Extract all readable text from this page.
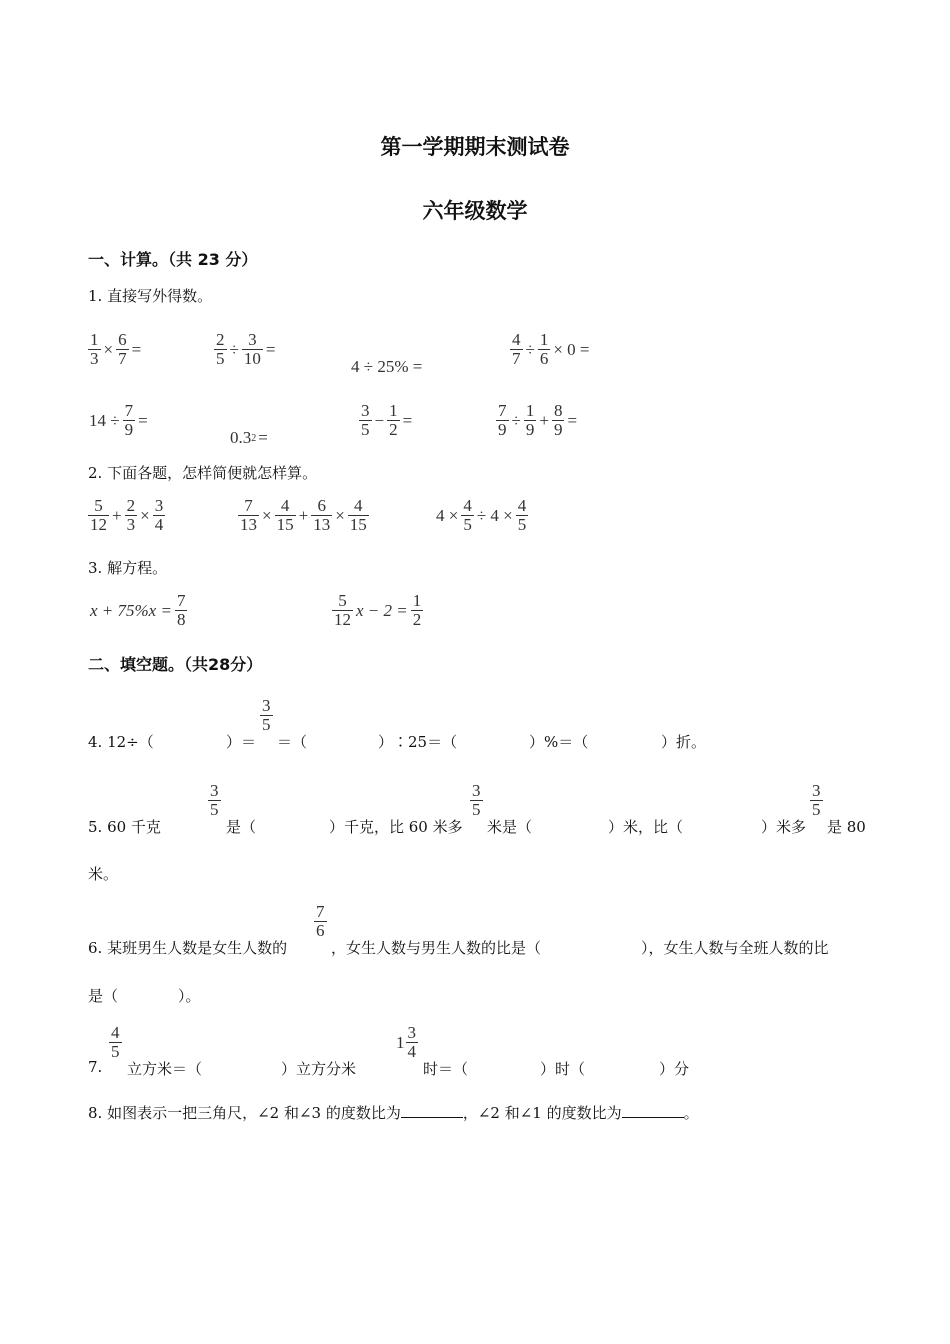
第一学期期末测试卷
六年级数学
一、计算。（共 23 分）
1. 直接写外得数。
$\frac{1}{3} \times \frac{6}{7}$ =	$\frac{2}{5} \div \frac{3}{10}$ =
4 ÷ 25% =	$\frac{4}{7} \div \frac{1}{6} \times 0$ =
$14 \div \frac{7}{9}$ =
0.3 2 =	$\frac{3}{5} - \frac{1}{2}$ =	$\frac{7}{9} \div \frac{1}{9} + \frac{8}{9}$ =
2. 下面各题，怎样简便就怎样算。
$\frac{5}{12} + \frac{2}{3} \times \frac{3}{4}$	$\frac{7}{13} \times \frac{4}{15} + \frac{6}{13} \times \frac{4}{15}$	$4 \times \frac{4}{5} \div 4 \times \frac{4}{5}$
3. 解方程。
$x + 75\%x = \frac{7}{8}$	$\frac{5}{12}$ $x - 2 = \frac{1}{2}$
二、填空题。（共28分）
4. 12÷（	）＝
$\frac{3}{5}$
＝（	）∶25＝（	）%＝（	）折。
5. 60 千克
$\frac{3}{5}$
是（	）千克，比 60 米多
$\frac{3}{5}$
米是（	）米，比（	）米多
$\frac{3}{5}$
是 80
米。
6. 某班男生人数是女生人数的
$\frac{7}{6}$
，女生人数与男生人数的比是（	），女生人数与全班人数的比
是（　　　　）。
7.
$\frac{4}{5}$
立方米＝（	）立方分米
$1 \frac{3}{4}$
时＝（	）时（	）分
8. 如图表示一把三角尺，∠2 和∠3 的度数比为	，∠2 和∠1 的度数比为	。
